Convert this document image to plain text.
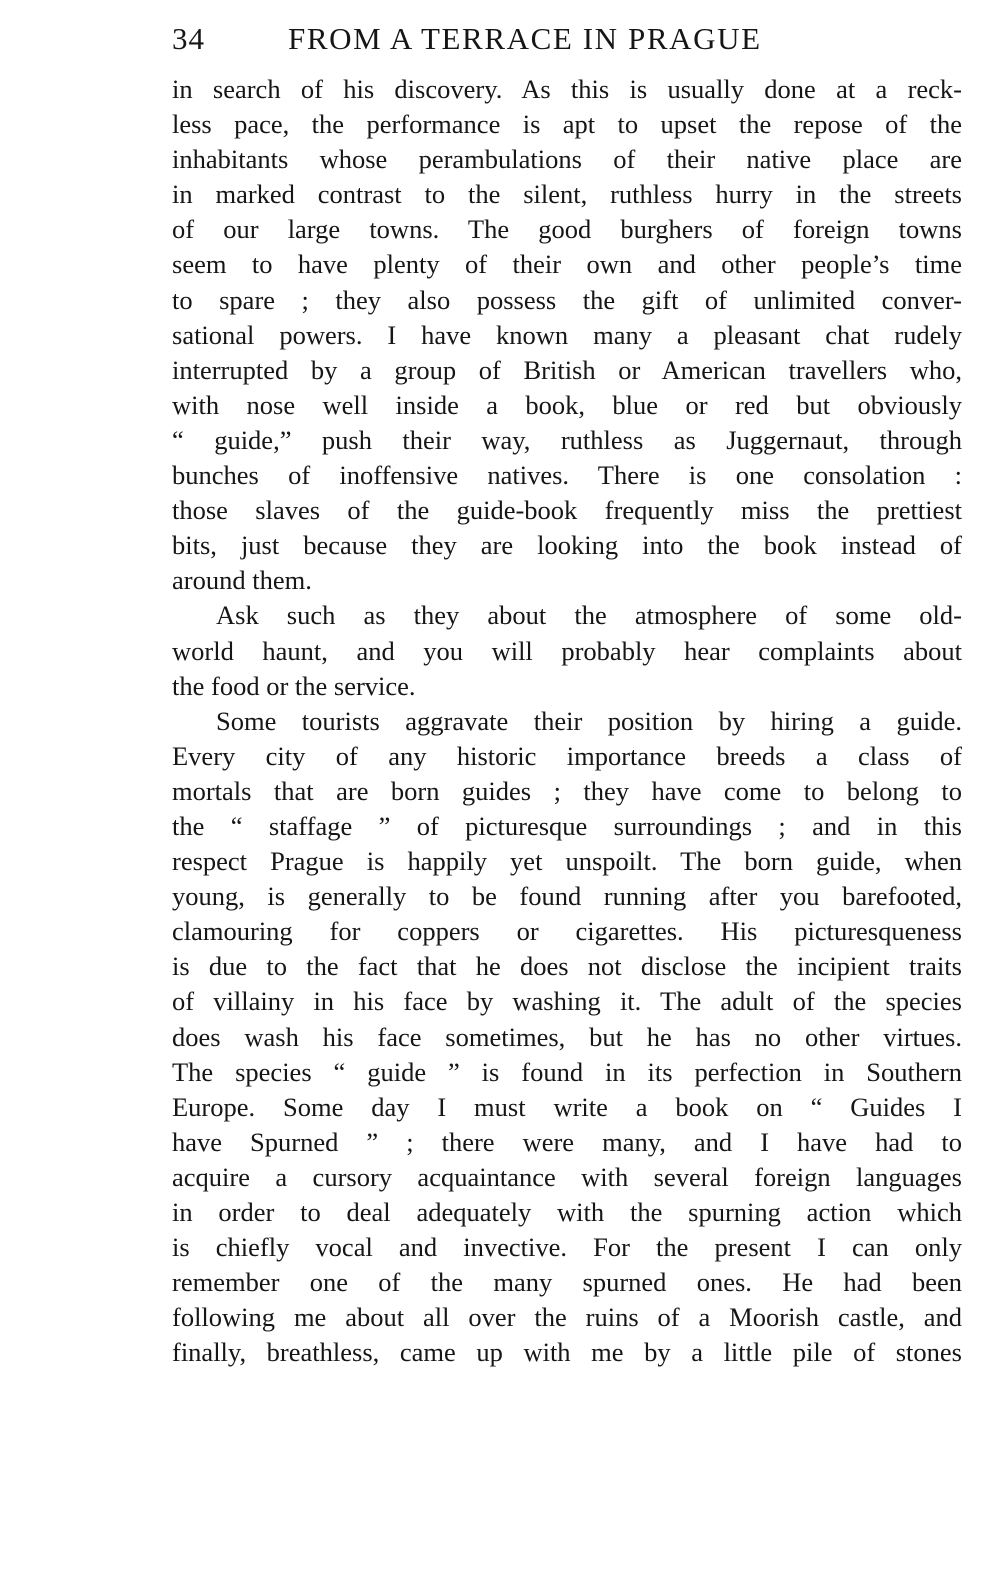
34	FROM A TERRACE IN PRAGUE
in search of his discovery. As this is usually done at a reck-
less pace, the performance is apt to upset the repose of the
inhabitants whose perambulations of their native place are
in marked contrast to the silent, ruthless hurry in the streets
of our large towns. The good burghers of foreign towns
seem to have plenty of their own and other people’s time
to spare ; they also possess the gift of unlimited conver-
sational powers. I have known many a pleasant chat rudely
interrupted by a group of British or American travellers who,
with nose well inside a book, blue or red but obviously
“ guide,” push their way, ruthless as Juggernaut, through
bunches of inoffensive natives. There is one consolation :
those slaves of the guide-book frequently miss the prettiest
bits, just because they are looking into the book instead of
around them.
Ask such as they about the atmosphere of some old-
world haunt, and you will probably hear complaints about
the food or the service.
Some tourists aggravate their position by hiring a guide.
Every city of any historic importance breeds a class of
mortals that are born guides ; they have come to belong to
the “ staffage ” of picturesque surroundings ; and in this
respect Prague is happily yet unspoilt. The born guide, when
young, is generally to be found running after you barefooted,
clamouring for coppers or cigarettes. His picturesqueness
is due to the fact that he does not disclose the incipient traits
of villainy in his face by washing it. The adult of the species
does wash his face sometimes, but he has no other virtues.
The species “ guide ” is found in its perfection in Southern
Europe. Some day I must write a book on “ Guides I
have Spurned ” ; there were many, and I have had to
acquire a cursory acquaintance with several foreign languages
in order to deal adequately with the spurning action which
is chiefly vocal and invective. For the present I can only
remember one of the many spurned ones. He had been
following me about all over the ruins of a Moorish castle, and
finally, breathless, came up with me by a little pile of stones
